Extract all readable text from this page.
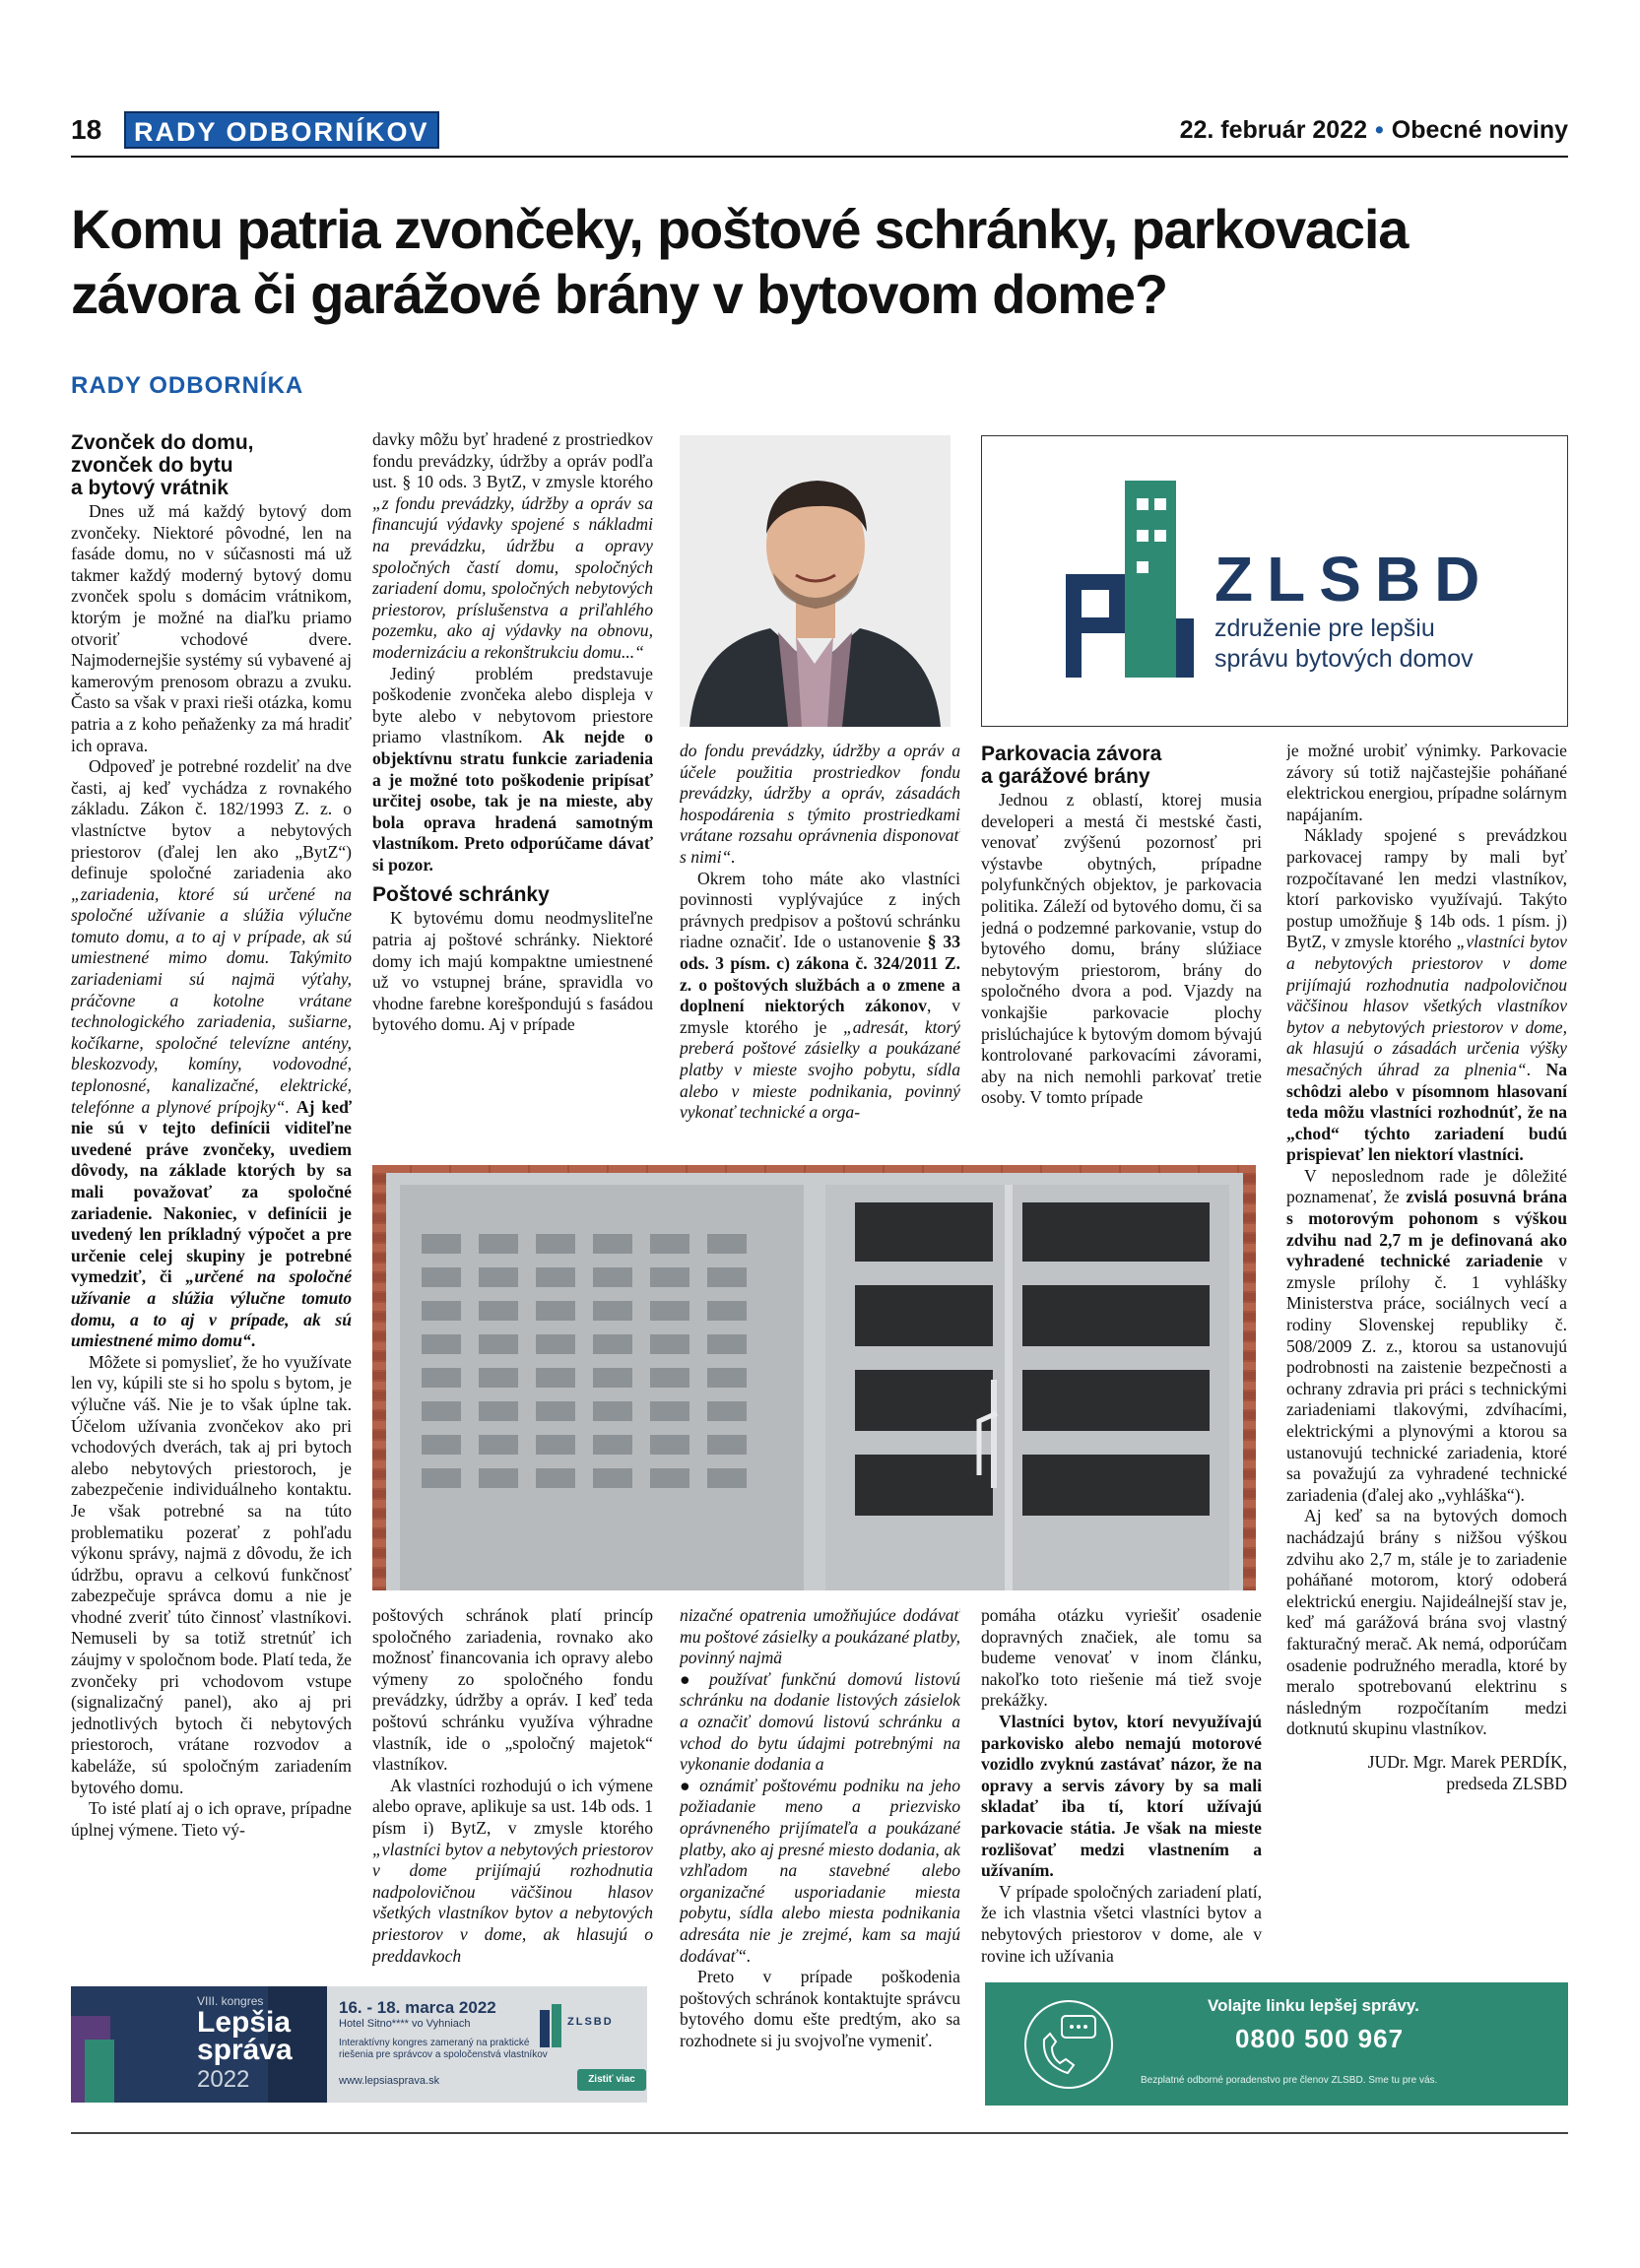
18	RADY ODBORNÍKOV	22. február 2022 • Obecné noviny
Komu patria zvončeky, poštové schránky, parkovacia závora či garážové brány v bytovom dome?
RADY ODBORNÍKA
Zvonček do domu,
zvonček do bytu
a bytový vrátnik

Dnes už má každý bytový dom zvončeky. Niektoré pôvodné, len na fasáde domu, no v súčasnosti má už takmer každý moderný bytový domu zvonček spolu s domácim vrátnikom, ktorým je možné na diaľku priamo otvoriť vchodové dvere. Najmodernejšie systémy sú vybavené aj kamerovým prenosom obrazu a zvuku. Často sa však v praxi rieši otázka, komu patria a z koho peňaženky za má hradiť ich oprava.

Odpoveď je potrebné rozdeliť na dve časti, aj keď vychádza z rovnakého základu. Zákon č. 182/1993 Z. z. o vlastníctve bytov a nebytových priestorov (ďalej len ako „BytZ“) definuje spoločné zariadenia ako „zariadenia, ktoré sú určené na spoločné užívanie a slúžia výlučne tomuto domu, a to aj v prípade, ak sú umiestnené mimo domu. Takýmito zariadeniami sú najmä výťahy, práčovne a kotolne vrátane technologického zariadenia, sušiarne, kočíkarne, spoločné televízne antény, bleskozvody, komíny, vodovodné, teplonosné, kanalizačné, elektrické, telefónne a plynové prípojky“. Aj keď nie sú v tejto definícii viditeľne uvedené práve zvončeky, uvediem dôvody, na základe ktorých by sa mali považovať za spoločné zariadenie. Nakoniec, v definícii je uvedený len príkladný výpočet a pre určenie celej skupiny je potrebné vymedziť, či „určené na spoločné užívanie a slúžia výlučne tomuto domu, a to aj v prípade, ak sú umiestnené mimo domu“.

Môžete si pomyslieť, že ho využívate len vy, kúpili ste si ho spolu s bytom, je výlučne váš. Nie je to však úplne tak. Účelom užívania zvončekov ako pri vchodových dverách, tak aj pri bytoch alebo nebytových priestoroch, je zabezpečenie individuálneho kontaktu. Je však potrebné sa na túto problematiku pozerať z pohľadu výkonu správy, najmä z dôvodu, že ich údržbu, opravu a celkovú funkčnosť zabezpečuje správca domu a nie je vhodné zveriť túto činnosť vlastníkovi. Nemuseli by sa totiž stretnúť ich záujmy v spoločnom bode. Platí teda, že zvončeky pri vchodovom vstupe (signalizačný panel), ako aj pri jednotlivých bytoch či nebytových priestoroch, vrátane rozvodov a kabeláže, sú spoločným zariadením bytového domu.

To isté platí aj o ich oprave, prípadne úplnej výmene. Tieto vý-

davky môžu byť hradené z prostriedkov fondu prevádzky, údržby a opráv podľa ust. § 10 ods. 3 BytZ, v zmysle ktorého „z fondu prevádzky, údržby a opráv sa financujú výdavky spojené s nákladmi na prevádzku, údržbu a opravy spoločných častí domu, spoločných zariadení domu, spoločných nebytových priestorov, príslušenstva a priľahlého pozemku, ako aj výdavky na obnovu, modernizáciu a rekonštrukciu domu...“

Jediný problém predstavuje poškodenie zvončeka alebo displeja v byte alebo v nebytovom priestore priamo vlastníkom. Ak nejde o objektívnu stratu funkcie zariadenia a je možné toto poškodenie pripísať určitej osobe, tak je na mieste, aby bola oprava hradená samotným vlastníkom. Preto odporúčame dávať si pozor.

Poštové schránky

K bytovému domu neodmysliteľne patria aj poštové schránky. Niektoré domy ich majú kompaktne umiestnené už vo vstupnej bráne, spravidla vo vhodne farebne korešpondujú s fasádou bytového domu. Aj v prípade

ZLSBD
združenie pre lepšiu
správu bytových domov

do fondu prevádzky, údržby a opráv a účele použitia prostriedkov fondu prevádzky, údržby a opráv, zásadách hospodárenia s týmito prostriedkami vrátane rozsahu oprávnenia disponovať s nimi“.

Okrem toho máte ako vlastníci povinnosti vyplývajúce z iných právnych predpisov a poštovú schránku riadne označiť. Ide o ustanovenie § 33 ods. 3 písm. c) zákona č. 324/2011 Z. z. o poštových službách a o zmene a doplnení niektorých zákonov, v zmysle ktorého je „adresát, ktorý preberá poštové zásielky a poukázané platby v mieste svojho pobytu, sídla alebo v mieste podnikania, povinný vykonať technické a orga-

Parkovacia závora
a garážové brány

Jednou z oblastí, ktorej musia developeri a mestá či mestské časti, venovať zvýšenú pozornosť pri výstavbe obytných, prípadne polyfunkčných objektov, je parkovacia politika. Záleží od bytového domu, či sa jedná o podzemné parkovanie, vstup do bytového domu, brány slúžiace nebytovým priestorom, brány do spoločného dvora a pod. Vjazdy na vonkajšie parkovacie plochy prislúchajúce k bytovým domom bývajú kontrolované parkovacími závorami, aby na nich nemohli parkovať tretie osoby. V tomto prípade

je možné urobiť výnimky. Parkovacie závory sú totiž najčastejšie poháňané elektrickou energiou, prípadne solárnym napájaním.

Náklady spojené s prevádzkou parkovacej rampy by mali byť rozpočítavané len medzi vlastníkov, ktorí parkovisko využívajú. Takýto postup umožňuje § 14b ods. 1 písm. j) BytZ, v zmysle ktorého „vlastníci bytov a nebytových priestorov v dome prijímajú rozhodnutia nadpolovičnou väčšinou hlasov všetkých vlastníkov bytov a nebytových priestorov v dome, ak hlasujú o zásadách určenia výšky mesačných úhrad za plnenia“. Na schôdzi alebo v písomnom hlasovaní teda môžu vlastníci rozhodnúť, že na „chod“ týchto zariadení budú prispievať len niektorí vlastníci.

V neposlednom rade je dôležité poznamenať, že zvislá posuvná brána s motorovým pohonom s výškou zdvihu nad 2,7 m je definovaná ako vyhradené technické zariadenie v zmysle prílohy č. 1 vyhlášky Ministerstva práce, sociálnych vecí a rodiny Slovenskej republiky č. 508/2009 Z. z., ktorou sa ustanovujú podrobnosti na zaistenie bezpečnosti a ochrany zdravia pri práci s technickými zariadeniami tlakovými, zdvíhacími, elektrickými a plynovými a ktorou sa ustanovujú technické zariadenia, ktoré sa považujú za vyhradené technické zariadenia (ďalej ako „vyhláška“).

Aj keď sa na bytových domoch nachádzajú brány s nižšou výškou zdvihu ako 2,7 m, stále je to zariadenie poháňané motorom, ktorý odoberá elektrickú energiu. Najideálnejší stav je, keď má garážová brána svoj vlastný fakturačný merač. Ak nemá, odporúčam osadenie podružného meradla, ktoré by meralo spotrebovanú elektrinu s následným rozpočítaním medzi dotknutú skupinu vlastníkov.

JUDr. Mgr. Marek PERDÍK,
predseda ZLSBD

poštových schránok platí princíp spoločného zariadenia, rovnako ako možnosť financovania ich opravy alebo výmeny zo spoločného fondu prevádzky, údržby a opráv. I keď teda poštovú schránku využíva výhradne vlastník, ide o „spoločný majetok“ vlastníkov.

Ak vlastníci rozhodujú o ich výmene alebo oprave, aplikuje sa ust. 14b ods. 1 písm i) BytZ, v zmysle ktorého „vlastníci bytov a nebytových priestorov v dome prijímajú rozhodnutia nadpolovičnou väčšinou hlasov všetkých vlastníkov bytov a nebytových priestorov v dome, ak hlasujú o preddavkoch

nizačné opatrenia umožňujúce dodávať mu poštové zásielky a poukázané platby, povinný najmä

● používať funkčnú domovú listovú schránku na dodanie listových zásielok a označiť domovú listovú schránku a vchod do bytu údajmi potrebnými na vykonanie dodania a

● oznámiť poštovému podniku na jeho požiadanie meno a priezvisko oprávneného prijímateľa a poukázané platby, ako aj presné miesto dodania, ak vzhľadom na stavebné alebo organizačné usporiadanie miesta pobytu, sídla alebo miesta podnikania adresáta nie je zrejmé, kam sa majú dodávať“.

Preto v prípade poškodenia poštových schránok kontaktujte správcu bytového domu ešte predtým, ako sa rozhodnete si ju svojvoľne vymeniť.

pomáha otázku vyriešiť osadenie dopravných značiek, ale tomu sa budeme venovať v inom článku, nakoľko toto riešenie má tiež svoje prekážky.

Vlastníci bytov, ktorí nevyužívajú parkovisko alebo nemajú motorové vozidlo zvyknú zastávať názor, že na opravy a servis závory by sa mali skladať iba tí, ktorí užívajú parkovacie státia. Je však na mieste rozlišovať medzi vlastnením a užívaním.

V prípade spoločných zariadení platí, že ich vlastnia všetci vlastníci bytov a nebytových priestorov v dome, ale v rovine ich užívania

VIII. kongres
Lepšia
správa
2022
16. - 18. marca 2022
Hotel Sitno**** vo Vyhniach
Interaktívny kongres zameraný na praktické
riešenia pre správcov a spoločenstvá vlastníkov
www.lepsiasprava.sk
ZLSBD
Zistiť viac
Volajte linku lepšej správy.
0800 500 967
Bezplatné odborné poradenstvo pre členov ZLSBD. Sme tu pre vás.
